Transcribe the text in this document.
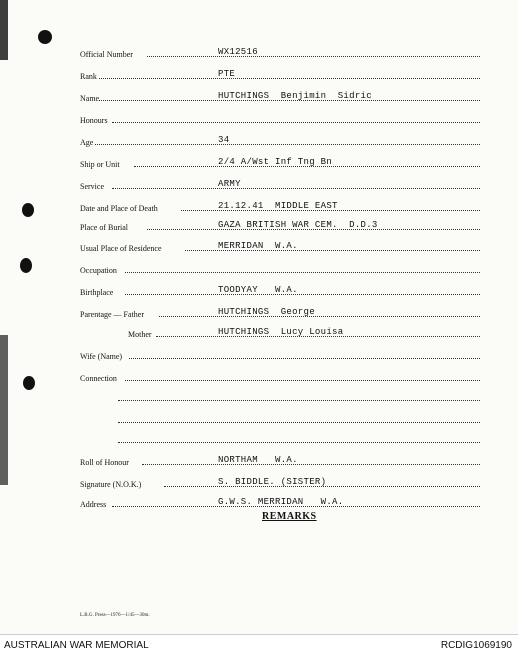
Official Number	WX12516
Rank	PTE
Name	HUTCHINGS  Benjimin  Sidric
Honours
Age	34
Ship or Unit	2/4 A/Wst Inf Tng Bn
Service	ARMY
Date and Place of Death	21.12.41  MIDDLE EAST
Place of Burial	GAZA BRITISH WAR CEM.  D.D.3
Usual Place of Residence	MERRIDAN  W.A.
Occupation
Birthplace	TOODYAY   W.A.
Parentage — Father	HUTCHINGS  George
Mother	HUTCHINGS  Lucy Louisa
Wife (Name)
Connection
Roll of Honour	NORTHAM   W.A.
Signature (N.O.K.)	S. BIDDLE. (SISTER)
Address	G.W.S. MERRIDAN   W.A.
REMARKS
L.B.G. Press—1976—1/45—30m.
AUSTRALIAN WAR MEMORIAL	RCDIG1069190
